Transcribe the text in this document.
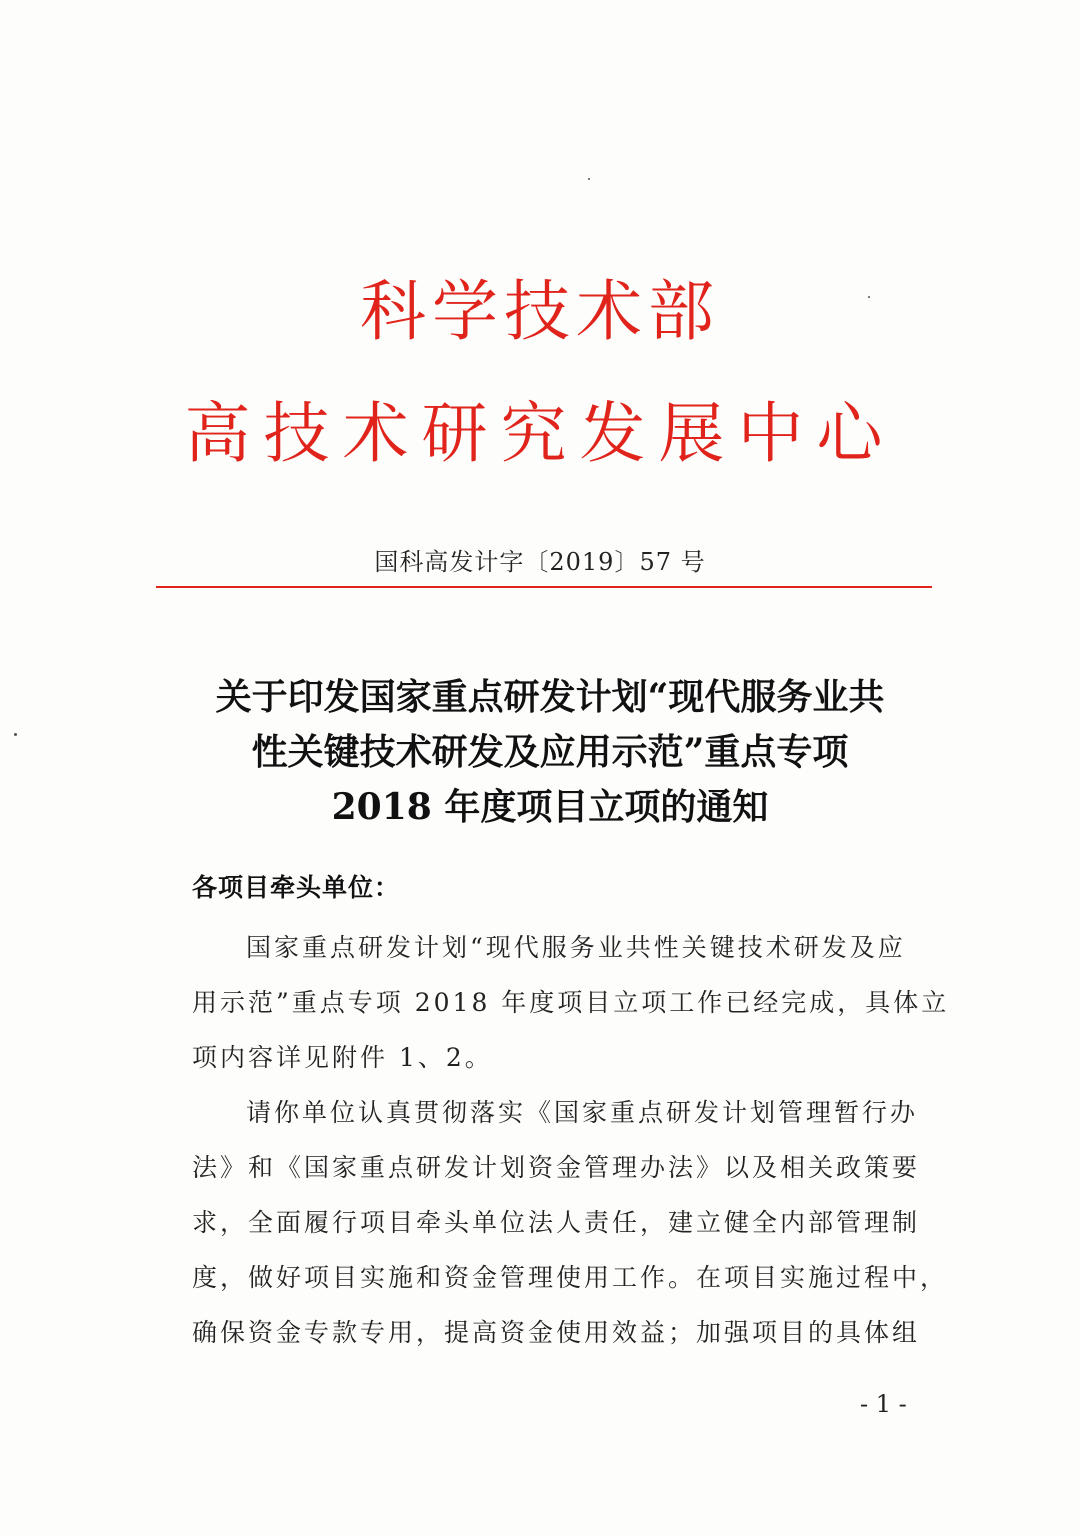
科学技术部
高技术研究发展中心
国科高发计字〔2019〕57 号
关于印发国家重点研发计划“现代服务业共
性关键技术研发及应用示范”重点专项
2018 年度项目立项的通知
各项目牵头单位：
国家重点研发计划“现代服务业共性关键技术研发及应
用示范”重点专项 2018 年度项目立项工作已经完成，具体立
项内容详见附件 1、2。
请你单位认真贯彻落实《国家重点研发计划管理暂行办
法》和《国家重点研发计划资金管理办法》以及相关政策要
求，全面履行项目牵头单位法人责任，建立健全内部管理制
度，做好项目实施和资金管理使用工作。在项目实施过程中，
确保资金专款专用，提高资金使用效益；加强项目的具体组
- 1 -
